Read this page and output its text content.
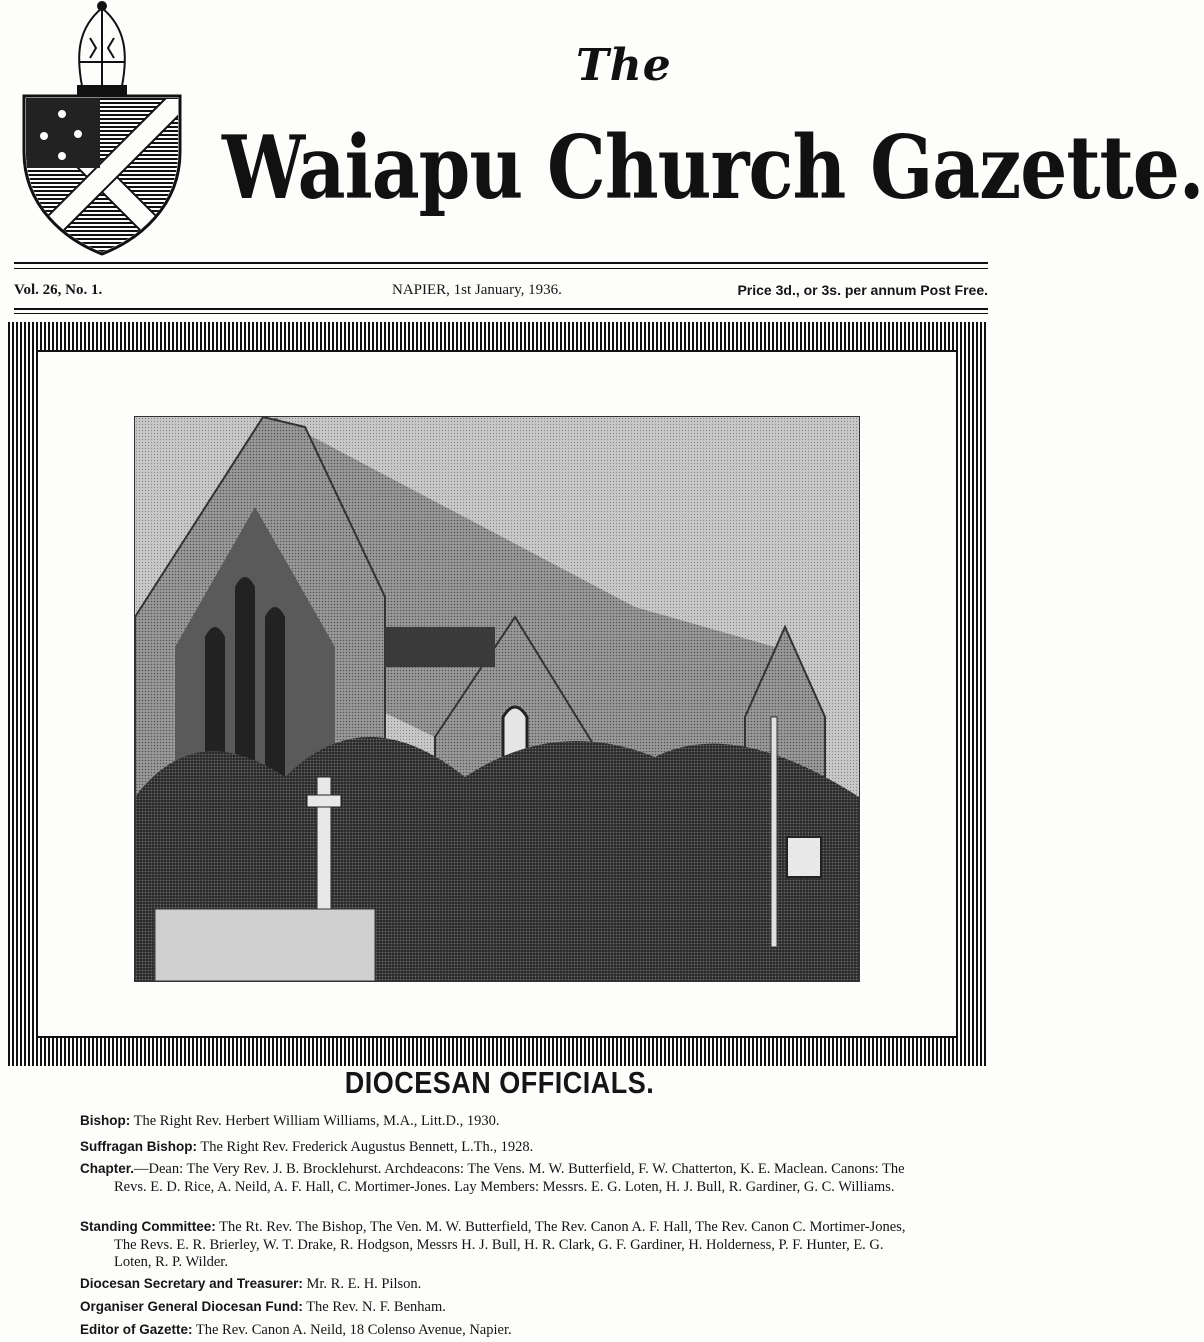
The
Waiapu Church Gazette.
Vol. 26, No. 1.	NAPIER, 1st January, 1936.	Price 3d., or 3s. per annum Post Free.
DIOCESAN OFFICIALS.
Bishop: The Right Rev. Herbert William Williams, M.A., Litt.D., 1930.
Suffragan Bishop: The Right Rev. Frederick Augustus Bennett, L.Th., 1928.
Chapter.—Dean: The Very Rev. J. B. Brocklehurst. Archdeacons: The Vens. M. W. Butterfield, F. W. Chatterton, K. E. Maclean. Canons: The Revs. E. D. Rice, A. Neild, A. F. Hall, C. Mortimer-Jones. Lay Members: Messrs. E. G. Loten, H. J. Bull, R. Gardiner, G. C. Williams.
Standing Committee: The Rt. Rev. The Bishop, The Ven. M. W. Butterfield, The Rev. Canon A. F. Hall, The Rev. Canon C. Mortimer-Jones, The Revs. E. R. Brierley, W. T. Drake, R. Hodgson, Messrs H. J. Bull, H. R. Clark, G. F. Gardiner, H. Holderness, P. F. Hunter, E. G. Loten, R. P. Wilder.
Diocesan Secretary and Treasurer: Mr. R. E. H. Pilson.
Organiser General Diocesan Fund: The Rev. N. F. Benham.
Editor of Gazette: The Rev. Canon A. Neild, 18 Colenso Avenue, Napier.
